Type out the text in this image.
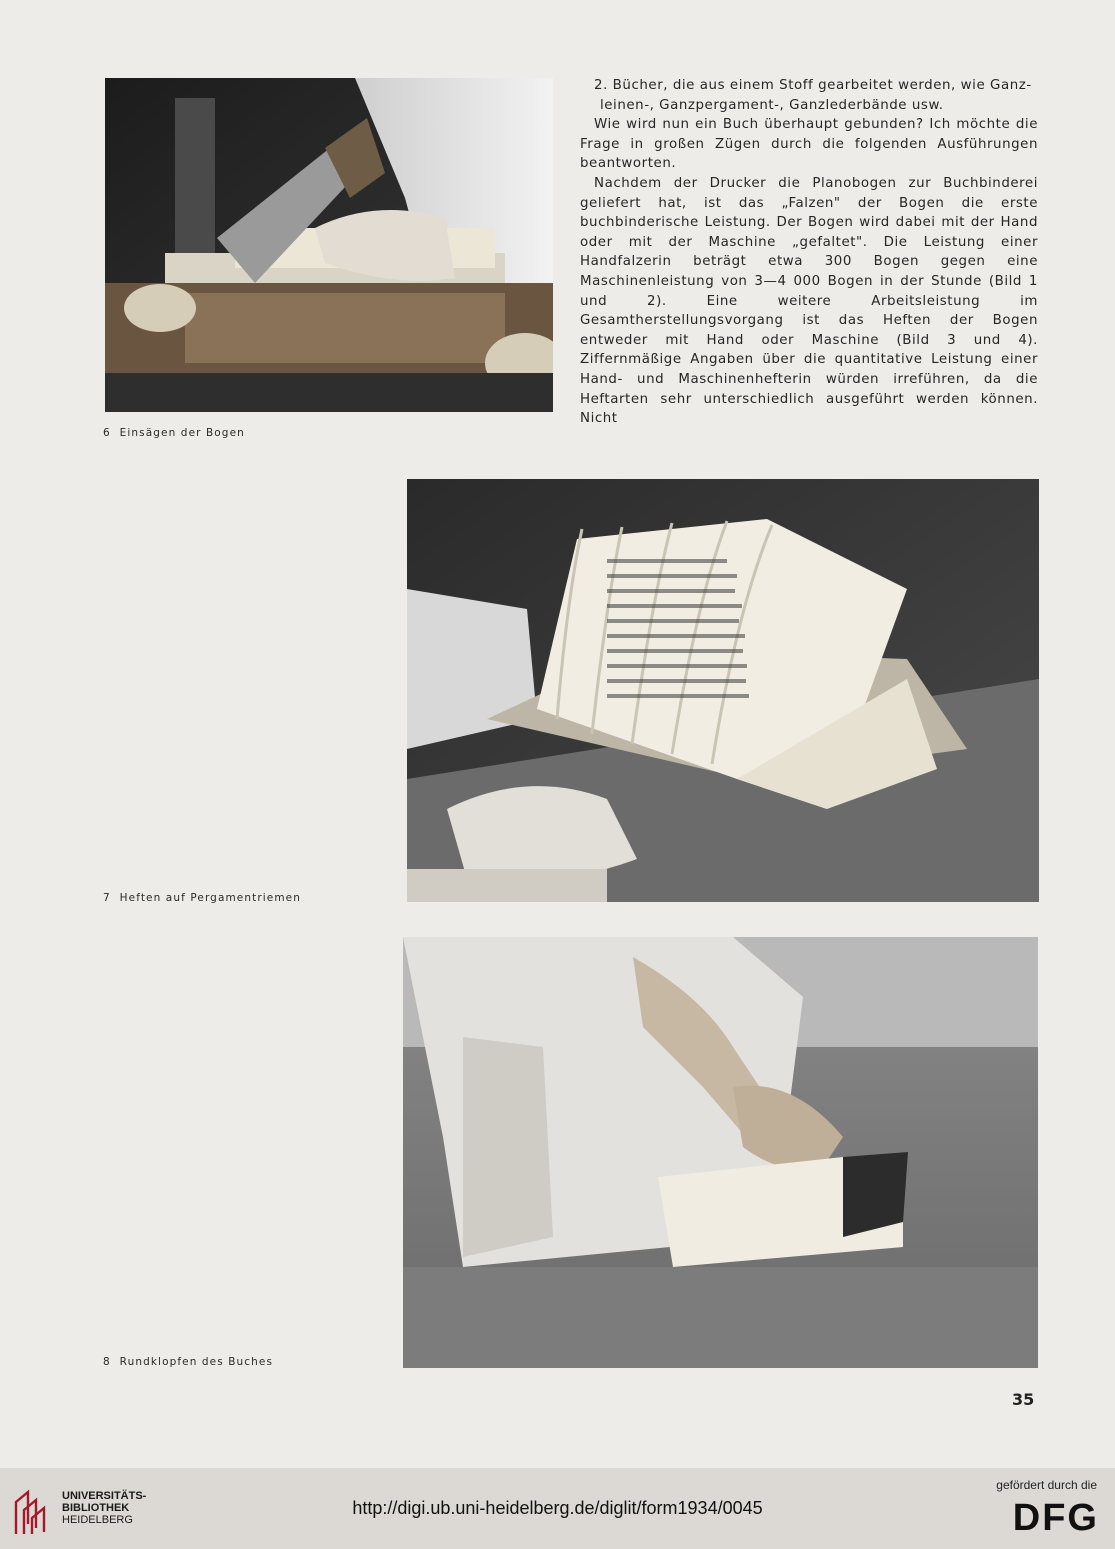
6 Einsägen der Bogen

2. Bücher, die aus einem Stoff gearbeitet werden, wie Ganz-
leinen-, Ganzpergament-, Ganzlederbände usw.

Wie wird nun ein Buch überhaupt gebunden? Ich möchte die Frage in großen Zügen durch die folgenden Ausführungen beantworten.

Nachdem der Drucker die Planobogen zur Buchbinderei geliefert hat, ist das „Falzen" der Bogen die erste buchbinderische Leistung. Der Bogen wird dabei mit der Hand oder mit der Maschine „gefaltet". Die Leistung einer Handfalzerin beträgt etwa 300 Bogen gegen eine Maschinenleistung von 3—4 000 Bogen in der Stunde (Bild 1 und 2). Eine weitere Arbeitsleistung im Gesamtherstellungsvorgang ist das Heften der Bogen entweder mit Hand oder Maschine (Bild 3 und 4). Ziffernmäßige Angaben über die quantitative Leistung einer Hand- und Maschinenhefterin würden irreführen, da die Heftarten sehr unterschiedlich ausgeführt werden können. Nicht

7 Heften auf Pergamentriemen
8 Rundklopfen des Buches
35
UNIVERSITÄTS-
BIBLIOTHEK
HEIDELBERG
http://digi.ub.uni-heidelberg.de/diglit/form1934/0045
gefördert durch die
DFG
